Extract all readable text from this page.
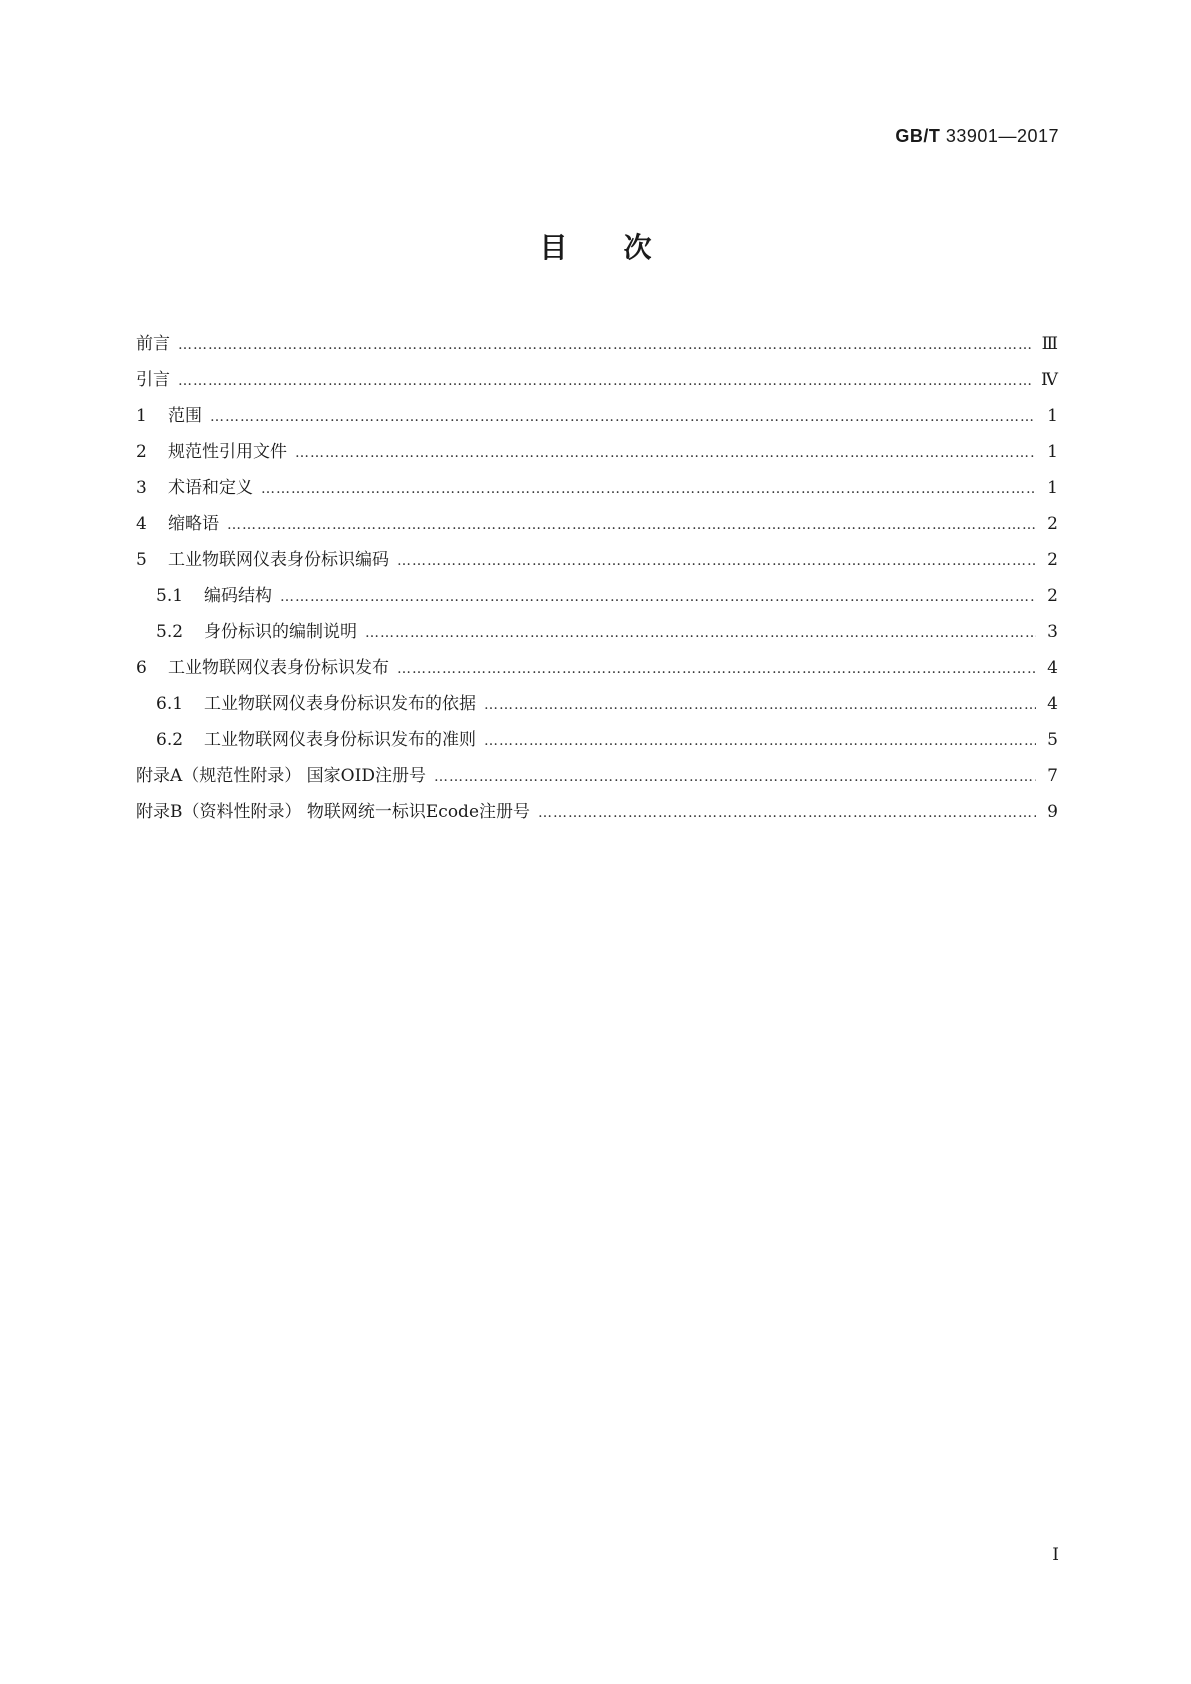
GB/T 33901—2017
目次
前言 …………………………………………………………………………………………………………………………………………………………………………………………	Ⅲ
引言 …………………………………………………………………………………………………………………………………………………………………………………………	Ⅳ
1	范围 …………………………………………………………………………………………………………………………………………………………………………………………	1
2	规范性引用文件 …………………………………………………………………………………………………………………………………………………………………………………………	1
3	术语和定义 …………………………………………………………………………………………………………………………………………………………………………………………	1
4	缩略语 …………………………………………………………………………………………………………………………………………………………………………………………	2
5	工业物联网仪表身份标识编码 …………………………………………………………………………………………………………………………………………………………………………………………	2
5.1	编码结构 …………………………………………………………………………………………………………………………………………………………………………………………	2
5.2	身份标识的编制说明 …………………………………………………………………………………………………………………………………………………………………………………………	3
6	工业物联网仪表身份标识发布 …………………………………………………………………………………………………………………………………………………………………………………………	4
6.1	工业物联网仪表身份标识发布的依据 …………………………………………………………………………………………………………………………………………………………………………………………	4
6.2	工业物联网仪表身份标识发布的准则 …………………………………………………………………………………………………………………………………………………………………………………………	5
附录A（规范性附录） 国家OID注册号 …………………………………………………………………………………………………………………………………………………………………………………………	7
附录B（资料性附录） 物联网统一标识Ecode注册号 …………………………………………………………………………………………………………………………………………………………………………………………	9
I
